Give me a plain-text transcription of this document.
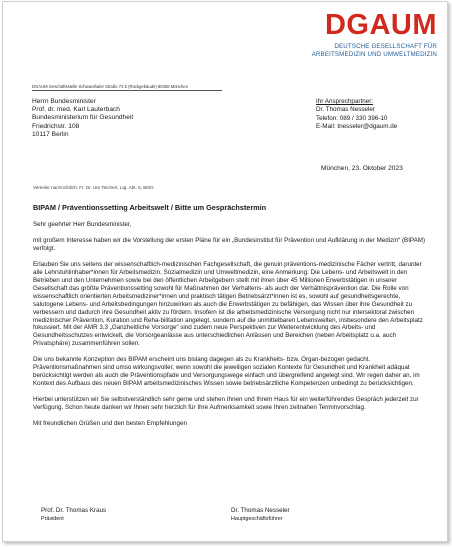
DGAUM
DEUTSCHE GESELLSCHAFT FÜR
ARBEITSMEDIZIN UND UMWELTMEDIZIN
DGAUM Geschäftsstelle Schwanthaler Straße 73 b (Rückgebäude) 80336 München
Herrn Bundesminister
Prof. dr. med. Karl Lauterbach
Bundesministerium für Gesundheit
Friedrichstr. 108
10117 Berlin
Ihr Ansprechpartner:
Dr. Thomas Nesseler
Telefon: 089 / 330 396-10
E-Mail: tnesseler@dgaum.de
München, 23. Oktober 2023
Verteiler nachrichtlich: Fr. Dr. Ute Teichert, Ltg. Abt. 6, BMG
BIPAM / Präventionssetting Arbeitswelt / Bitte um Gesprächstermin

Sehr geehrter Herr Bundesminister,

mit großem Interesse haben wir die Vorstellung der ersten Pläne für ein „Bundesinstitut für Prävention und Aufklärung in der Medizin“ (BIPAM) verfolgt.

Erlauben Sie uns seitens der wissenschaftlich-medizinischen Fachgesellschaft, die genuin präventions-medizinische Fächer vertritt, darunter alle Lehrstuhlinhaber*innen für Arbeitsmedizin, Sozialmedizin und Umweltmedizin, eine Anmerkung: Die Lebens- und Arbeitswelt in den Betrieben und den Unternehmen sowie bei den öffentlichen Arbeitgebern stellt mit ihren über 45 Millionen Erwerbstätigen in unserer Gesellschaft das größte Präventionssetting sowohl für Maßnahmen der Verhaltens- als auch der Verhältnisprävention dar. Die Rolle von wissenschaftlich orientierten Arbeitsmediziner*innen und praktisch tätigen Betriebsärzt*innen ist es, sowohl auf gesundheitsgerechte, salutogene Lebens- und Arbeitsbedingungen hinzuwirken als auch die Erwerbstätigen zu befähigen, das Wissen über ihre Gesundheit zu verbessern und dadurch ihre Gesundheit aktiv zu fördern. Insofern ist die arbeitsmedizinische Versorgung nicht nur intersektoral zwischen medizinischer Prävention, Kuration und Reha-bilitation angelegt, sondern auf die unmittelbaren Lebenswelten, insbesondere den Arbeitsplatz fokussiert. Mit der AMR 3.3 „Ganzheitliche Vorsorge“ sind zudem neue Perspektiven zur Weiterentwicklung des Arbeits- und Gesundheitsschutzes entwickelt, die Vorsorgeanlässe aus unterschiedlichen Anlässen und Bereichen (neben Arbeitsplatz u.a. auch Privatsphäre) zusammenführen sollen.

Die uns bekannte Konzeption des BIPAM erscheint uns bislang dagegen als zu Krankheits- bzw. Organ-bezogen gedacht. Präventionsmaßnahmen sind umso wirkungsvoller, wenn sowohl die jeweiligen sozialen Kontexte für Gesundheit und Krankheit adäquat berücksichtigt werden als auch die Präventionspfade und Versorgungswege einfach und übergreifend angelegt sind. Wir regen daher an, im Kontext des Aufbaus des neuen BIPAM arbeitsmedizinisches Wissen sowie betriebsärztliche Kompetenzen unbedingt zu berücksichtigen.

Hierbei unterstützen wir Sie selbstverständlich sehr gerne und stehen Ihnen und Ihrem Haus für ein weiterführendes Gespräch jederzeit zur Verfügung. Schon heute danken wir Ihnen sehr herzlich für Ihre Aufmerksamkeit sowie Ihren zeitnahen Terminvorschlag.

Mit freundlichen Grüßen und den besten Empfehlungen

Prof. Dr. Thomas Kraus
Präsident
Dr. Thomas Nesseler
Hauptgeschäftsführer
